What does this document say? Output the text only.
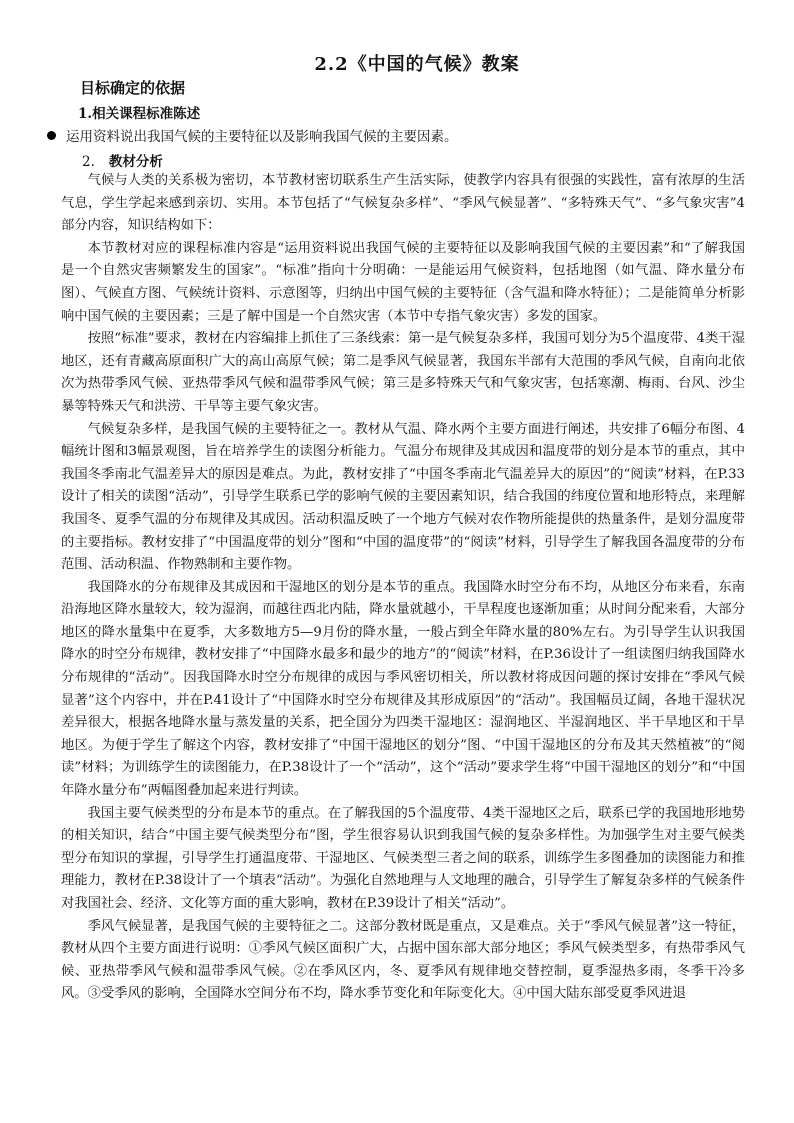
2.2《中国的气候》教案
目标确定的依据
1.相关课程标准陈述
运用资料说出我国气候的主要特征以及影响我国气候的主要因素。
2. 教材分析

气候与人类的关系极为密切，本节教材密切联系生产生活实际，使教学内容具有很强的实践性，富有浓厚的生活气息，学生学起来感到亲切、实用。本节包括了“气候复杂多样”、“季风气候显著”、“多特殊天气”、“多气象灾害”4部分内容，知识结构如下：

本节教材对应的课程标准内容是“运用资料说出我国气候的主要特征以及影响我国气候的主要因素”和“了解我国是一个自然灾害频繁发生的国家”。“标准”指向十分明确：一是能运用气候资料，包括地图（如气温、降水量分布图）、气候直方图、气候统计资料、示意图等，归纳出中国气候的主要特征（含气温和降水特征）；二是能简单分析影响中国气候的主要因素；三是了解中国是一个自然灾害（本节中专指气象灾害）多发的国家。

按照“标准”要求，教材在内容编排上抓住了三条线索：第一是气候复杂多样，我国可划分为5个温度带、4类干湿地区，还有青藏高原面积广大的高山高原气候；第二是季风气候显著，我国东半部有大范围的季风气候，自南向北依次为热带季风气候、亚热带季风气候和温带季风气候；第三是多特殊天气和气象灾害，包括寒潮、梅雨、台风、沙尘暴等特殊天气和洪涝、干旱等主要气象灾害。

气候复杂多样，是我国气候的主要特征之一。教材从气温、降水两个主要方面进行阐述，共安排了6幅分布图、4幅统计图和3幅景观图，旨在培养学生的读图分析能力。气温分布规律及其成因和温度带的划分是本节的重点，其中我国冬季南北气温差异大的原因是难点。为此，教材安排了“中国冬季南北气温差异大的原因”的“阅读”材料，在P.33设计了相关的读图“活动”，引导学生联系已学的影响气候的主要因素知识，结合我国的纬度位置和地形特点，来理解我国冬、夏季气温的分布规律及其成因。活动积温反映了一个地方气候对农作物所能提供的热量条件，是划分温度带的主要指标。教材安排了“中国温度带的划分”图和“中国的温度带”的“阅读”材料，引导学生了解我国各温度带的分布范围、活动积温、作物熟制和主要作物。

我国降水的分布规律及其成因和干湿地区的划分是本节的重点。我国降水时空分布不均，从地区分布来看，东南沿海地区降水量较大，较为湿润，而越往西北内陆，降水量就越小，干旱程度也逐渐加重；从时间分配来看，大部分地区的降水量集中在夏季，大多数地方5—9月份的降水量，一般占到全年降水量的80%左右。为引导学生认识我国降水的时空分布规律，教材安排了“中国降水最多和最少的地方”的“阅读”材料，在P.36设计了一组读图归纳我国降水分布规律的“活动”。因我国降水时空分布规律的成因与季风密切相关，所以教材将成因问题的探讨安排在“季风气候显著”这个内容中，并在P.41设计了“中国降水时空分布规律及其形成原因”的“活动”。我国幅员辽阔，各地干湿状况差异很大，根据各地降水量与蒸发量的关系，把全国分为四类干湿地区：湿润地区、半湿润地区、半干旱地区和干旱地区。为便于学生了解这个内容，教材安排了“中国干湿地区的划分”图、“中国干湿地区的分布及其天然植被”的“阅读”材料；为训练学生的读图能力，在P.38设计了一个“活动”，这个“活动”要求学生将“中国干湿地区的划分”和“中国年降水量分布”两幅图叠加起来进行判读。

我国主要气候类型的分布是本节的重点。在了解我国的5个温度带、4类干湿地区之后，联系已学的我国地形地势的相关知识，结合“中国主要气候类型分布”图，学生很容易认识到我国气候的复杂多样性。为加强学生对主要气候类型分布知识的掌握，引导学生打通温度带、干湿地区、气候类型三者之间的联系，训练学生多图叠加的读图能力和推理能力，教材在P.38设计了一个填表“活动”。为强化自然地理与人文地理的融合，引导学生了解复杂多样的气候条件对我国社会、经济、文化等方面的重大影响，教材在P.39设计了相关“活动”。

季风气候显著，是我国气候的主要特征之二。这部分教材既是重点，又是难点。关于“季风气候显著”这一特征，教材从四个主要方面进行说明：①季风气候区面积广大，占据中国东部大部分地区；季风气候类型多，有热带季风气候、亚热带季风气候和温带季风气候。②在季风区内，冬、夏季风有规律地交替控制，夏季湿热多雨，冬季干冷多风。③受季风的影响，全国降水空间分布不均，降水季节变化和年际变化大。④中国大陆东部受夏季风进退
